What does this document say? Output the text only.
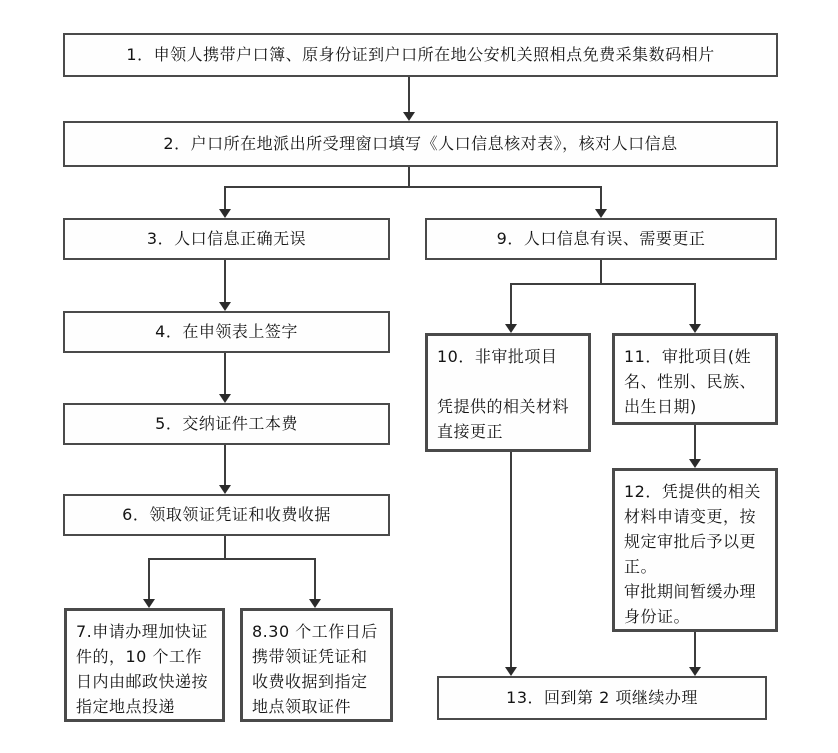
1．申领人携带户口簿、原身份证到户口所在地公安机关照相点免费采集数码相片
2．户口所在地派出所受理窗口填写《人口信息核对表》，核对人口信息
3．人口信息正确无误	9．人口信息有误、需要更正
4．在申领表上签字
5．交纳证件工本费
6．领取领证凭证和收费收据
7.申请办理加快证件的，10 个工作日内由邮政快递按指定地点投递
8.30 个工作日后携带领证凭证和收费收据到指定地点领取证件
10．非审批项目
凭提供的相关材料直接更正
11．审批项目(姓名、性别、民族、出生日期)
12．凭提供的相关材料申请变更，按规定审批后予以更正。
审批期间暂缓办理身份证。
13．回到第 2 项继续办理
